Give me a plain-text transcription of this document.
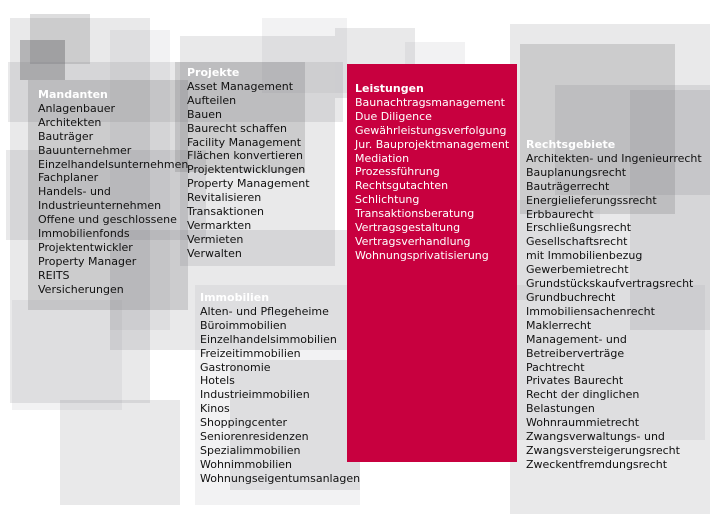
Mandanten
Anlagenbauer
Architekten
Bauträger
Bauunternehmer
Einzelhandelsunternehmen
Fachplaner
Handels- und
Industrieunternehmen
Offene und geschlossene
Immobilienfonds
Projektentwickler
Property Manager
REITS
Versicherungen
Projekte
Asset Management
Aufteilen
Bauen
Baurecht schaffen
Facility Management
Flächen konvertieren
Projektentwicklungen
Property Management
Revitalisieren
Transaktionen
Vermarkten
Vermieten
Verwalten
Immobilien
Alten- und Pflegeheime
Büroimmobilien
Einzelhandelsimmobilien
Freizeitimmobilien
Gastronomie
Hotels
Industrieimmobilien
Kinos
Shoppingcenter
Seniorenresidenzen
Spezialimmobilien
Wohnimmobilien
Wohnungseigentumsanlagen
Leistungen
Baunachtragsmanagement
Due Diligence
Gewährleistungsverfolgung
Jur. Bauprojektmanagement
Mediation
Prozessführung
Rechtsgutachten
Schlichtung
Transaktionsberatung
Vertragsgestaltung
Vertragsverhandlung
Wohnungsprivatisierung
Rechtsgebiete
Architekten- und Ingenieurrecht
Bauplanungsrecht
Bauträgerrecht
Energielieferungssrecht
Erbbaurecht
Erschließungsrecht
Gesellschaftsrecht
mit Immobilienbezug
Gewerbemietrecht
Grundstückskaufvertragsrecht
Grundbuchrecht
Immobiliensachenrecht
Maklerrecht
Management- und
Betreiberverträge
Pachtrecht
Privates Baurecht
Recht der dinglichen
Belastungen
Wohnraummietrecht
Zwangsverwaltungs- und
Zwangsversteigerungsrecht
Zweckentfremdungsrecht
